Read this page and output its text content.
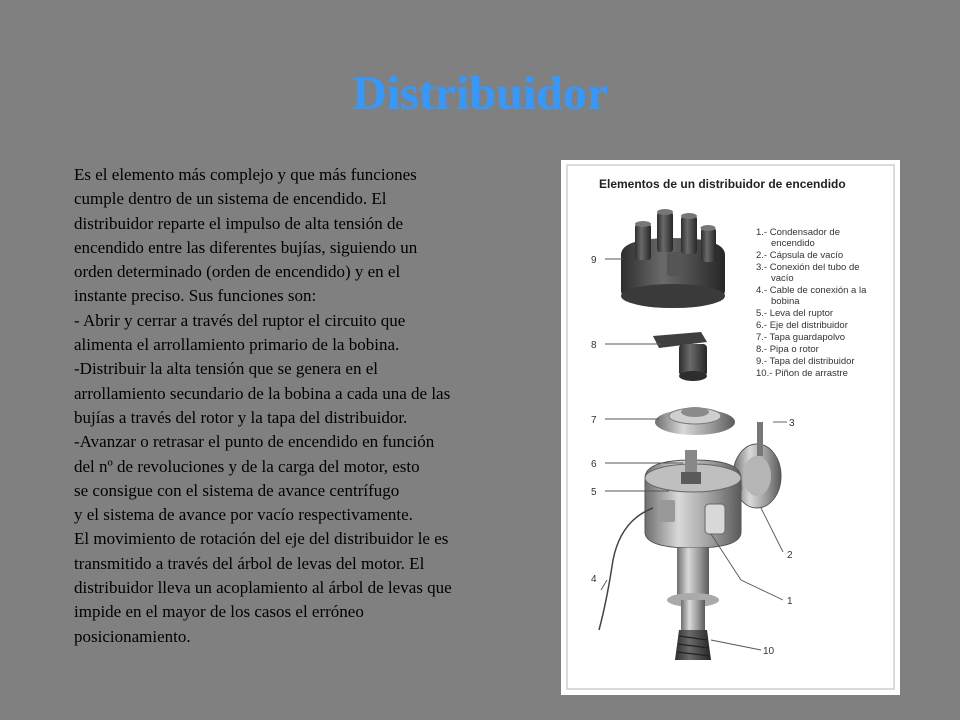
Distribuidor
Es el elemento más complejo y que más funciones
cumple dentro de un sistema de encendido. El
distribuidor reparte el impulso de alta tensión de
encendido entre las diferentes bujías, siguiendo un
orden determinado (orden de encendido) y en el
instante preciso. Sus funciones son:
- Abrir y cerrar a través del ruptor el circuito que
alimenta el arrollamiento primario de la bobina.
-Distribuir la alta tensión que se genera en el
arrollamiento secundario de la bobina a cada una de las
bujías a través del rotor y la tapa del distribuidor.
-Avanzar o retrasar el punto de encendido en función
del nº de revoluciones y de la carga del motor, esto
se consigue con el sistema de avance centrífugo
y el sistema de avance por vacío respectivamente.
El movimiento de rotación del eje del distribuidor le es
transmitido a través del árbol de levas del motor. El
distribuidor lleva un acoplamiento al árbol de levas que
impide en el mayor de los casos el erróneo
posicionamiento.
Elementos de un distribuidor de encendido
1.- Condensador de
encendido
2.- Cápsula de vacío
3.- Conexión del tubo de
vacío
4.- Cable de conexión a la
bobina
5.- Leva del ruptor
6.- Eje del distribuidor
7.- Tapa guardapolvo
8.- Pipa o rotor
9.- Tapa del distribuidor
10.- Piñon de arrastre
9
8
7	3
6
5
2
4
1
10
